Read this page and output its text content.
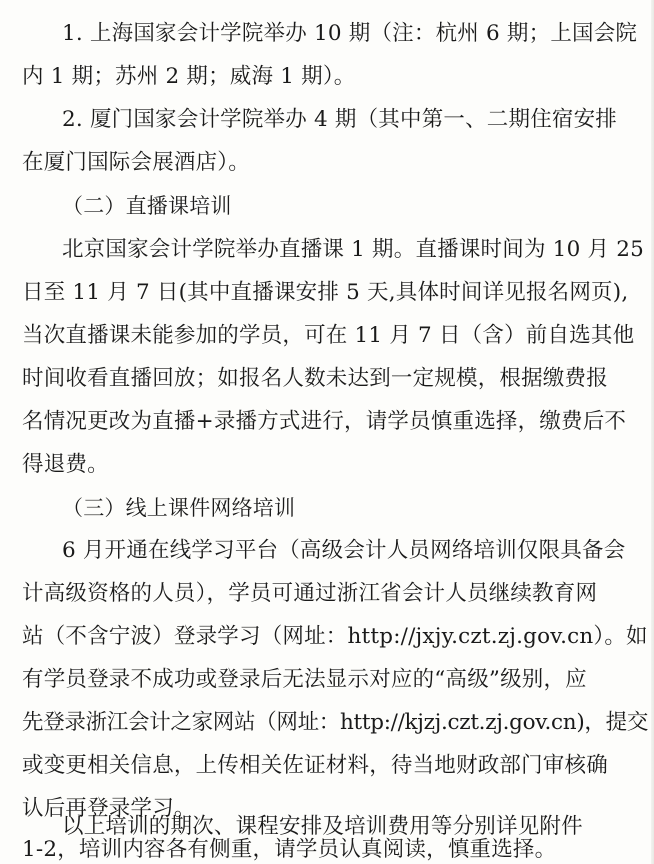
1. 上海国家会计学院举办 10 期（注：杭州 6 期；上国会院
内 1 期；苏州 2 期；威海 1 期）。
2. 厦门国家会计学院举办 4 期（其中第一、二期住宿安排
在厦门国际会展酒店）。
（二）直播课培训
北京国家会计学院举办直播课 1 期。直播课时间为 10 月 25
日至 11 月 7 日(其中直播课安排 5 天,具体时间详见报名网页),
当次直播课未能参加的学员，可在 11 月 7 日（含）前自选其他
时间收看直播回放；如报名人数未达到一定规模，根据缴费报
名情况更改为直播+录播方式进行，请学员慎重选择，缴费后不
得退费。
（三）线上课件网络培训
6 月开通在线学习平台（高级会计人员网络培训仅限具备会
计高级资格的人员），学员可通过浙江省会计人员继续教育网
站（不含宁波）登录学习（网址：http://jxjy.czt.zj.gov.cn）。如
有学员登录不成功或登录后无法显示对应的“高级”级别，应
先登录浙江会计之家网站（网址：http://kjzj.czt.zj.gov.cn)，提交
或变更相关信息，上传相关佐证材料，待当地财政部门审核确
认后再登录学习。
以上培训的期次、课程安排及培训费用等分别详见附件
1-2，培训内容各有侧重，请学员认真阅读，慎重选择。
